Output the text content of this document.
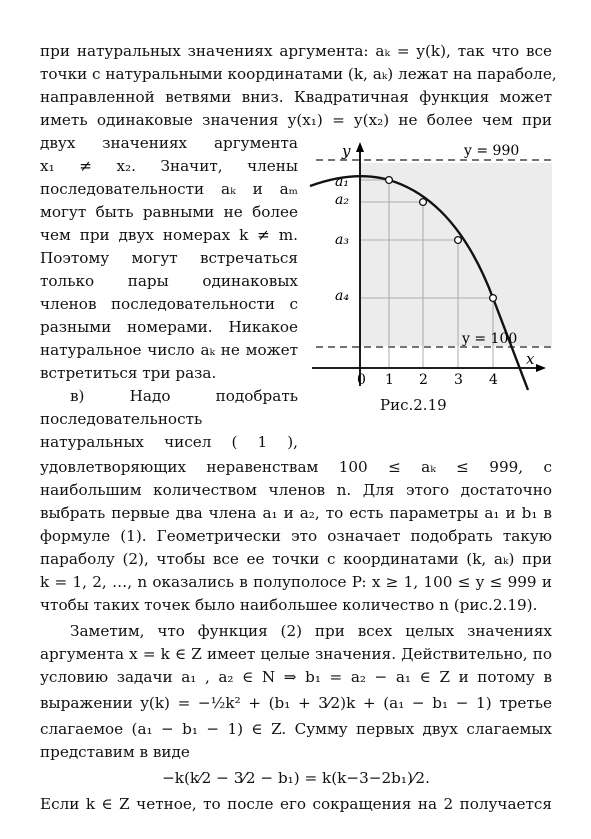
при натуральных значениях аргумента: aₖ = y(k), так что все
точки с натуральными координатами (k, aₖ) лежат на параболе,
направленной ветвями вниз. Квадратичная функция может
иметь одинаковые значения y(x₁) = y(x₂) не более чем при
двух значениях аргумента
x₁ ≠ x₂. Значит, члены
последовательности aₖ и aₘ
могут быть равными не более
чем при двух номерах k ≠ m.
Поэтому могут встречаться
только пары одинаковых
членов последовательности с
разными номерами. Никакое
натуральное число aₖ не может
встретиться три раза.
в) Надо подобрать
последовательность
натуральных чисел ( 1 ),
удовлетворяющих неравенствам 100 ≤ aₖ ≤ 999, с
наибольшим количеством членов n. Для этого достаточно
выбрать первые два члена a₁ и a₂, то есть параметры a₁ и b₁ в
формуле (1). Геометрически это означает подобрать такую
параболу (2), чтобы все ее точки с координатами (k, aₖ) при
k = 1, 2, …, n оказались в полуполосе P: x ≥ 1, 100 ≤ y ≤ 999 и
чтобы таких точек было наибольшее количество n (рис.2.19).
Заметим, что функция (2) при всех целых значениях
аргумента x = k ∈ Z имеет целые значения. Действительно, по
условию задачи a₁ , a₂ ∈ N ⇒ b₁ = a₂ − a₁ ∈ Z и потому в
выражении y(k) = −½k² + (b₁ + 3⁄2)k + (a₁ − b₁ − 1) третье
слагаемое (a₁ − b₁ − 1) ∈ Z. Сумму первых двух слагаемых
представим в виде
−k(k⁄2 − 3⁄2 − b₁) = k(k−3−2b₁)⁄2.
Если k ∈ Z четное, то после его сокращения на 2 получается
y
x
y = 990
y = 100
a₁
a₂
a₃
a₄
0 1 2 3 4
Рис.2.19
